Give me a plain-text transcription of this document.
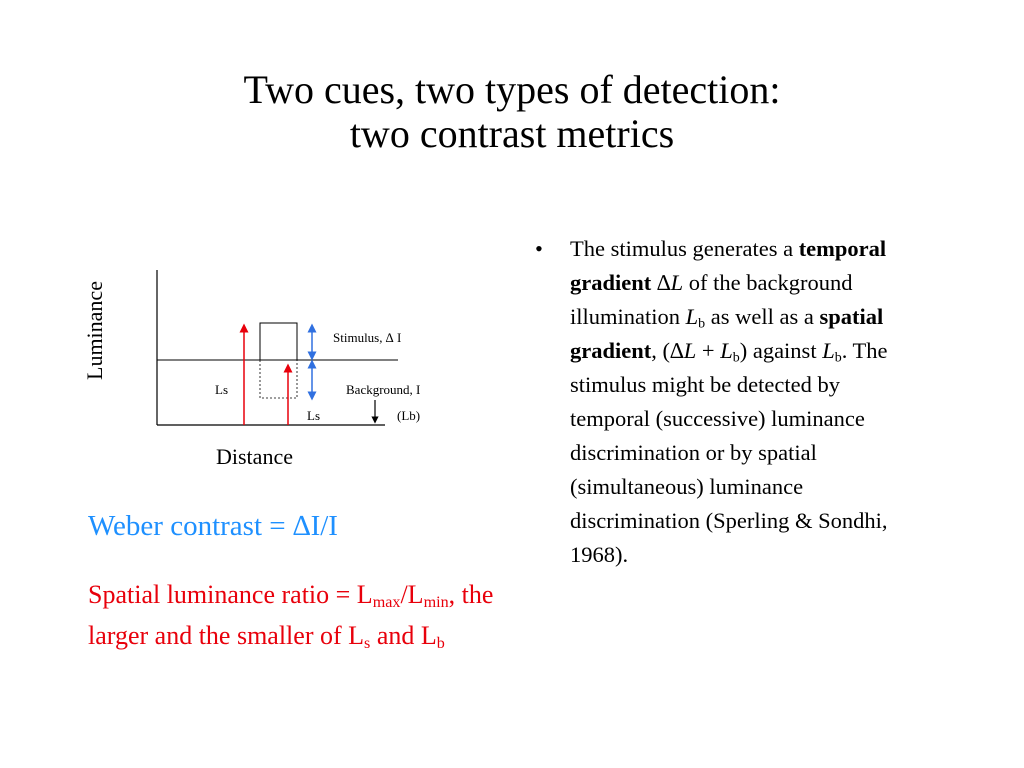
Two cues, two types of detection:
two contrast metrics
Luminance
Distance
Stimulus, ∆ I
Background, I
(Lb)
Ls
Ls
• The stimulus generates a temporal gradient ∆L of the background illumination $L_b$ as well as a spatial gradient, $(\Delta L + L_b)$ against $L_b$. The stimulus might be detected by temporal (successive) luminance discrimination or by spatial (simultaneous) luminance discrimination (Sperling & Sondhi, 1968).
Weber contrast = ∆I/I
Spatial luminance ratio = $L_{max}/L_{min}$, the larger and the smaller of $L_s$ and $L_b$
